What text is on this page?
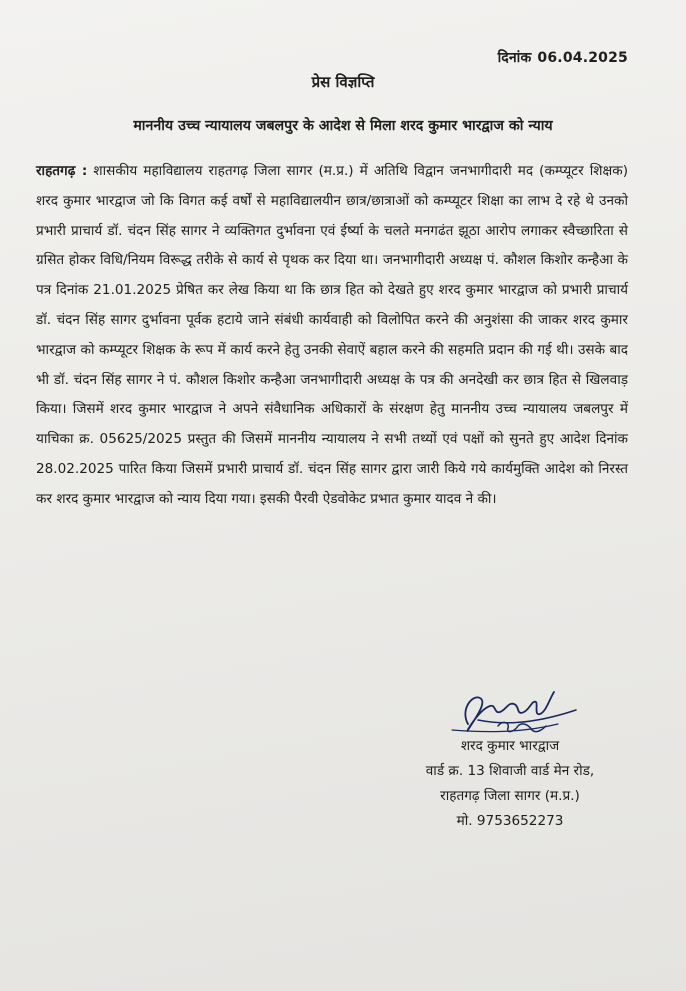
दिनांक 06.04.2025
प्रेस विज्ञप्ति
माननीय उच्च न्यायालय जबलपुर के आदेश से मिला शरद कुमार भारद्वाज को न्याय
राहतगढ़ : शासकीय महाविद्यालय राहतगढ़ जिला सागर (म.प्र.) में अतिथि विद्वान जनभागीदारी मद (कम्प्यूटर शिक्षक) शरद कुमार भारद्वाज जो कि विगत कई वर्षों से महाविद्यालयीन छात्र/छात्राओं को कम्प्यूटर शिक्षा का लाभ दे रहे थे उनको प्रभारी प्राचार्य डॉ. चंदन सिंह सागर ने व्यक्तिगत दुर्भावना एवं ईर्ष्या के चलते मनगढंत झूठा आरोप लगाकर स्वैच्छारिता से ग्रसित होकर विधि/नियम विरूद्ध तरीके से कार्य से पृथक कर दिया था। जनभागीदारी अध्यक्ष पं. कौशल किशोर कन्हैआ के पत्र दिनांक 21.01.2025 प्रेषित कर लेख किया था कि छात्र हित को देखते हुए शरद कुमार भारद्वाज को प्रभारी प्राचार्य डॉ. चंदन सिंह सागर दुर्भावना पूर्वक हटाये जाने संबंधी कार्यवाही को विलोपित करने की अनुशंसा की जाकर शरद कुमार भारद्वाज को कम्प्यूटर शिक्षक के रूप में कार्य करने हेतु उनकी सेवाऐं बहाल करने की सहमति प्रदान की गई थी। उसके बाद भी डॉ. चंदन सिंह सागर ने पं. कौशल किशोर कन्हैआ जनभागीदारी अध्यक्ष के पत्र की अनदेखी कर छात्र हित से खिलवाड़ किया। जिसमें शरद कुमार भारद्वाज ने अपने संवैधानिक अधिकारों के संरक्षण हेतु माननीय उच्च न्यायालय जबलपुर में याचिका क्र. 05625/2025 प्रस्तुत की जिसमें माननीय न्यायालय ने सभी तथ्यों एवं पक्षों को सुनते हुए आदेश दिनांक 28.02.2025 पारित किया जिसमें प्रभारी प्राचार्य डॉ. चंदन सिंह सागर द्वारा जारी किये गये कार्यमुक्ति आदेश को निरस्त कर शरद कुमार भारद्वाज को न्याय दिया गया। इसकी पैरवी ऐडवोकेट प्रभात कुमार यादव ने की।
शरद कुमार भारद्वाज
वार्ड क्र. 13 शिवाजी वार्ड मेन रोड,
राहतगढ़ जिला सागर (म.प्र.)
मो. 9753652273
